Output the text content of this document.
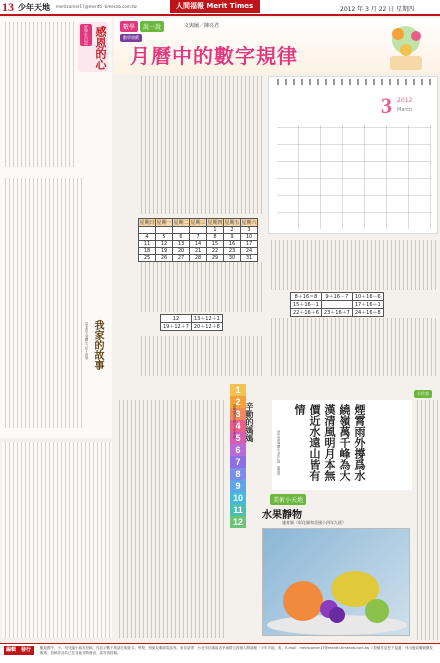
13 少年天地 meritcorner17@meritti -timesnb.com.tw	人間福報 Merit Times	2012 年 3 月 22 日 星期四
好學生日記 感恩的心
我家的故事
（台北市大安國小六年十四班）
數學	說一說	文與圖／陳亮君
數學遊戲
月曆中的數字規律
3 2012
March
星期日	星期一	星期二	星期三	星期四	星期五	星期六
				1	2	3
4	5	6	7	8	9	10
11	12	13	14	15	16	17
18	19	20	21	22	23	24
25	26	27	28	29	30	31
12	13＋12＋1
19＋12＋7	20＋12＋8
8＋16＝8	9＋16－7	10＋16－6
15＋16－1		17＋16＋1
22＋16＋6	23＋16＋7	24＋16＋8
123456789101112
辛勤的媽媽
（苗栗縣南庄國小三年甲班）	煙霄雨外撐爲水繞嶺萬千峰為大漢清風明月本無價近水遠山皆有情
台中市育英國小五年仁班　詹思淇
美術小天地
水果靜物
施育穎（彰化縣和美國小四年九班）
小作家
編輯　發行	歡迎國中、小、幼兒園小朋友投稿，作品字數不拘請註明姓名、學校、班級及聯絡電話等。來信請寄：台北市信義區忠孝東路五段號人間福報「少年天地」收，E-mail：meritcorner17@meritti-timesnb.com.tw ☆投稿作品恕不退還，刊出後致贈稿費及報紙；投稿作品若已在其他刊物發表，請勿再投稿。
